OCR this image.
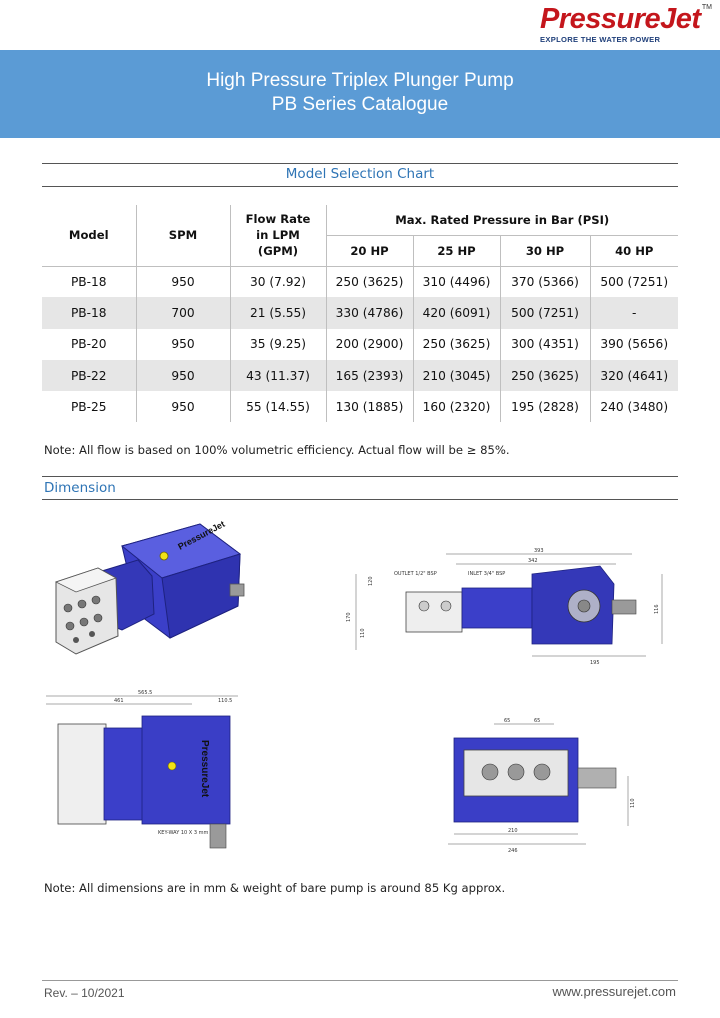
PressureJet
EXPLORE THE WATER POWER
TM
High Pressure Triplex Plunger Pump
PB Series Catalogue
Model Selection Chart
Model	SPM	Flow Rate in LPM (GPM)	Max. Rated Pressure in Bar (PSI)			
			20 HP	25 HP	30 HP	40 HP
PB-18	950	30 (7.92)	250 (3625)	310 (4496)	370 (5366)	500 (7251)
PB-18	700	21 (5.55)	330 (4786)	420 (6091)	500 (7251)	-
PB-20	950	35 (9.25)	200 (2900)	250 (3625)	300 (4351)	390 (5656)
PB-22	950	43 (11.37)	165 (2393)	210 (3045)	250 (3625)	320 (4641)
PB-25	950	55 (14.55)	130 (1885)	160 (2320)	195 (2828)	240 (3480)
Note: All flow is based on 100% volumetric efficiency. Actual flow will be ≥ 85%.
Dimension
PressureJet	393
342
OUTLET 1/2" BSP	INLET 3/4" BSP
170
110
120
195
116
565.5
461	110.5
PressureJet
KEY-WAY 10 X 3 mm
65	65
210
246
110
Note: All dimensions are in mm & weight of bare pump is around 85 Kg approx.
Rev. – 10/2021	www.pressurejet.com
